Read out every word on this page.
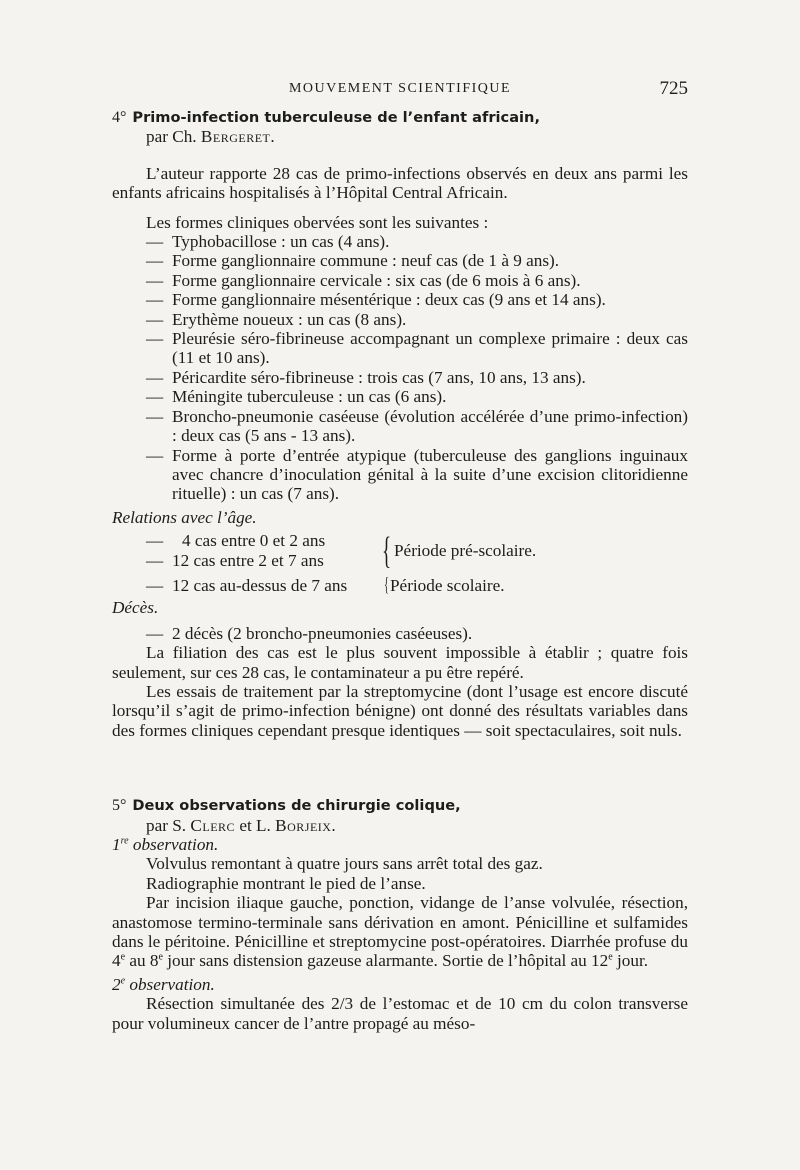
MOUVEMENT SCIENTIFIQUE	725
4° Primo-infection tuberculeuse de l’enfant africain,

par Ch. Bergeret.

L’auteur rapporte 28 cas de primo-infections observés en deux ans parmi les enfants africains hospitalisés à l’Hôpital Central Africain.

Les formes cliniques obervées sont les suivantes :

— Typhobacillose : un cas (4 ans).
— Forme ganglionnaire commune : neuf cas (de 1 à 9 ans).
— Forme ganglionnaire cervicale : six cas (de 6 mois à 6 ans).
— Forme ganglionnaire mésentérique : deux cas (9 ans et 14 ans).
— Erythème noueux : un cas (8 ans).
— Pleurésie séro-fibrineuse accompagnant un complexe primaire : deux cas (11 et 10 ans).
— Péricardite séro-fibrineuse : trois cas (7 ans, 10 ans, 13 ans).
— Méningite tuberculeuse : un cas (6 ans).
— Broncho-pneumonie caséeuse (évolution accélérée d’une primo-infection) : deux cas (5 ans - 13 ans).
— Forme à porte d’entrée atypique (tuberculeuse des ganglions inguinaux avec chancre d’inoculation génital à la suite d’une excision clitoridienne rituelle) : un cas (7 ans).

Relations avec l’âge.

— 4 cas entre 0 et 2 ans
— 12 cas entre 2 et 7 ans	{ Période pré-scolaire.
— 12 cas au-dessus de 7 ans	{Période scolaire.

Décès.

— 2 décès (2 broncho-pneumonies caséeuses).

La filiation des cas est le plus souvent impossible à établir ; quatre fois seulement, sur ces 28 cas, le contaminateur a pu être repéré.

Les essais de traitement par la streptomycine (dont l’usage est encore discuté lorsqu’il s’agit de primo-infection bénigne) ont donné des résultats variables dans des formes cliniques cependant presque identiques — soit spectaculaires, soit nuls.

5° Deux observations de chirurgie colique,

par S. Clerc et L. Borjeix.

1re observation.

Volvulus remontant à quatre jours sans arrêt total des gaz.

Radiographie montrant le pied de l’anse.

Par incision iliaque gauche, ponction, vidange de l’anse volvulée, résection, anastomose termino-terminale sans dérivation en amont. Pénicilline et sulfamides dans le péritoine. Pénicilline et streptomycine post-opératoires. Diarrhée profuse du 4e au 8e jour sans distension gazeuse alarmante. Sortie de l’hôpital au 12e jour.

2e observation.

Résection simultanée des 2/3 de l’estomac et de 10 cm du colon transverse pour volumineux cancer de l’antre propagé au méso-
